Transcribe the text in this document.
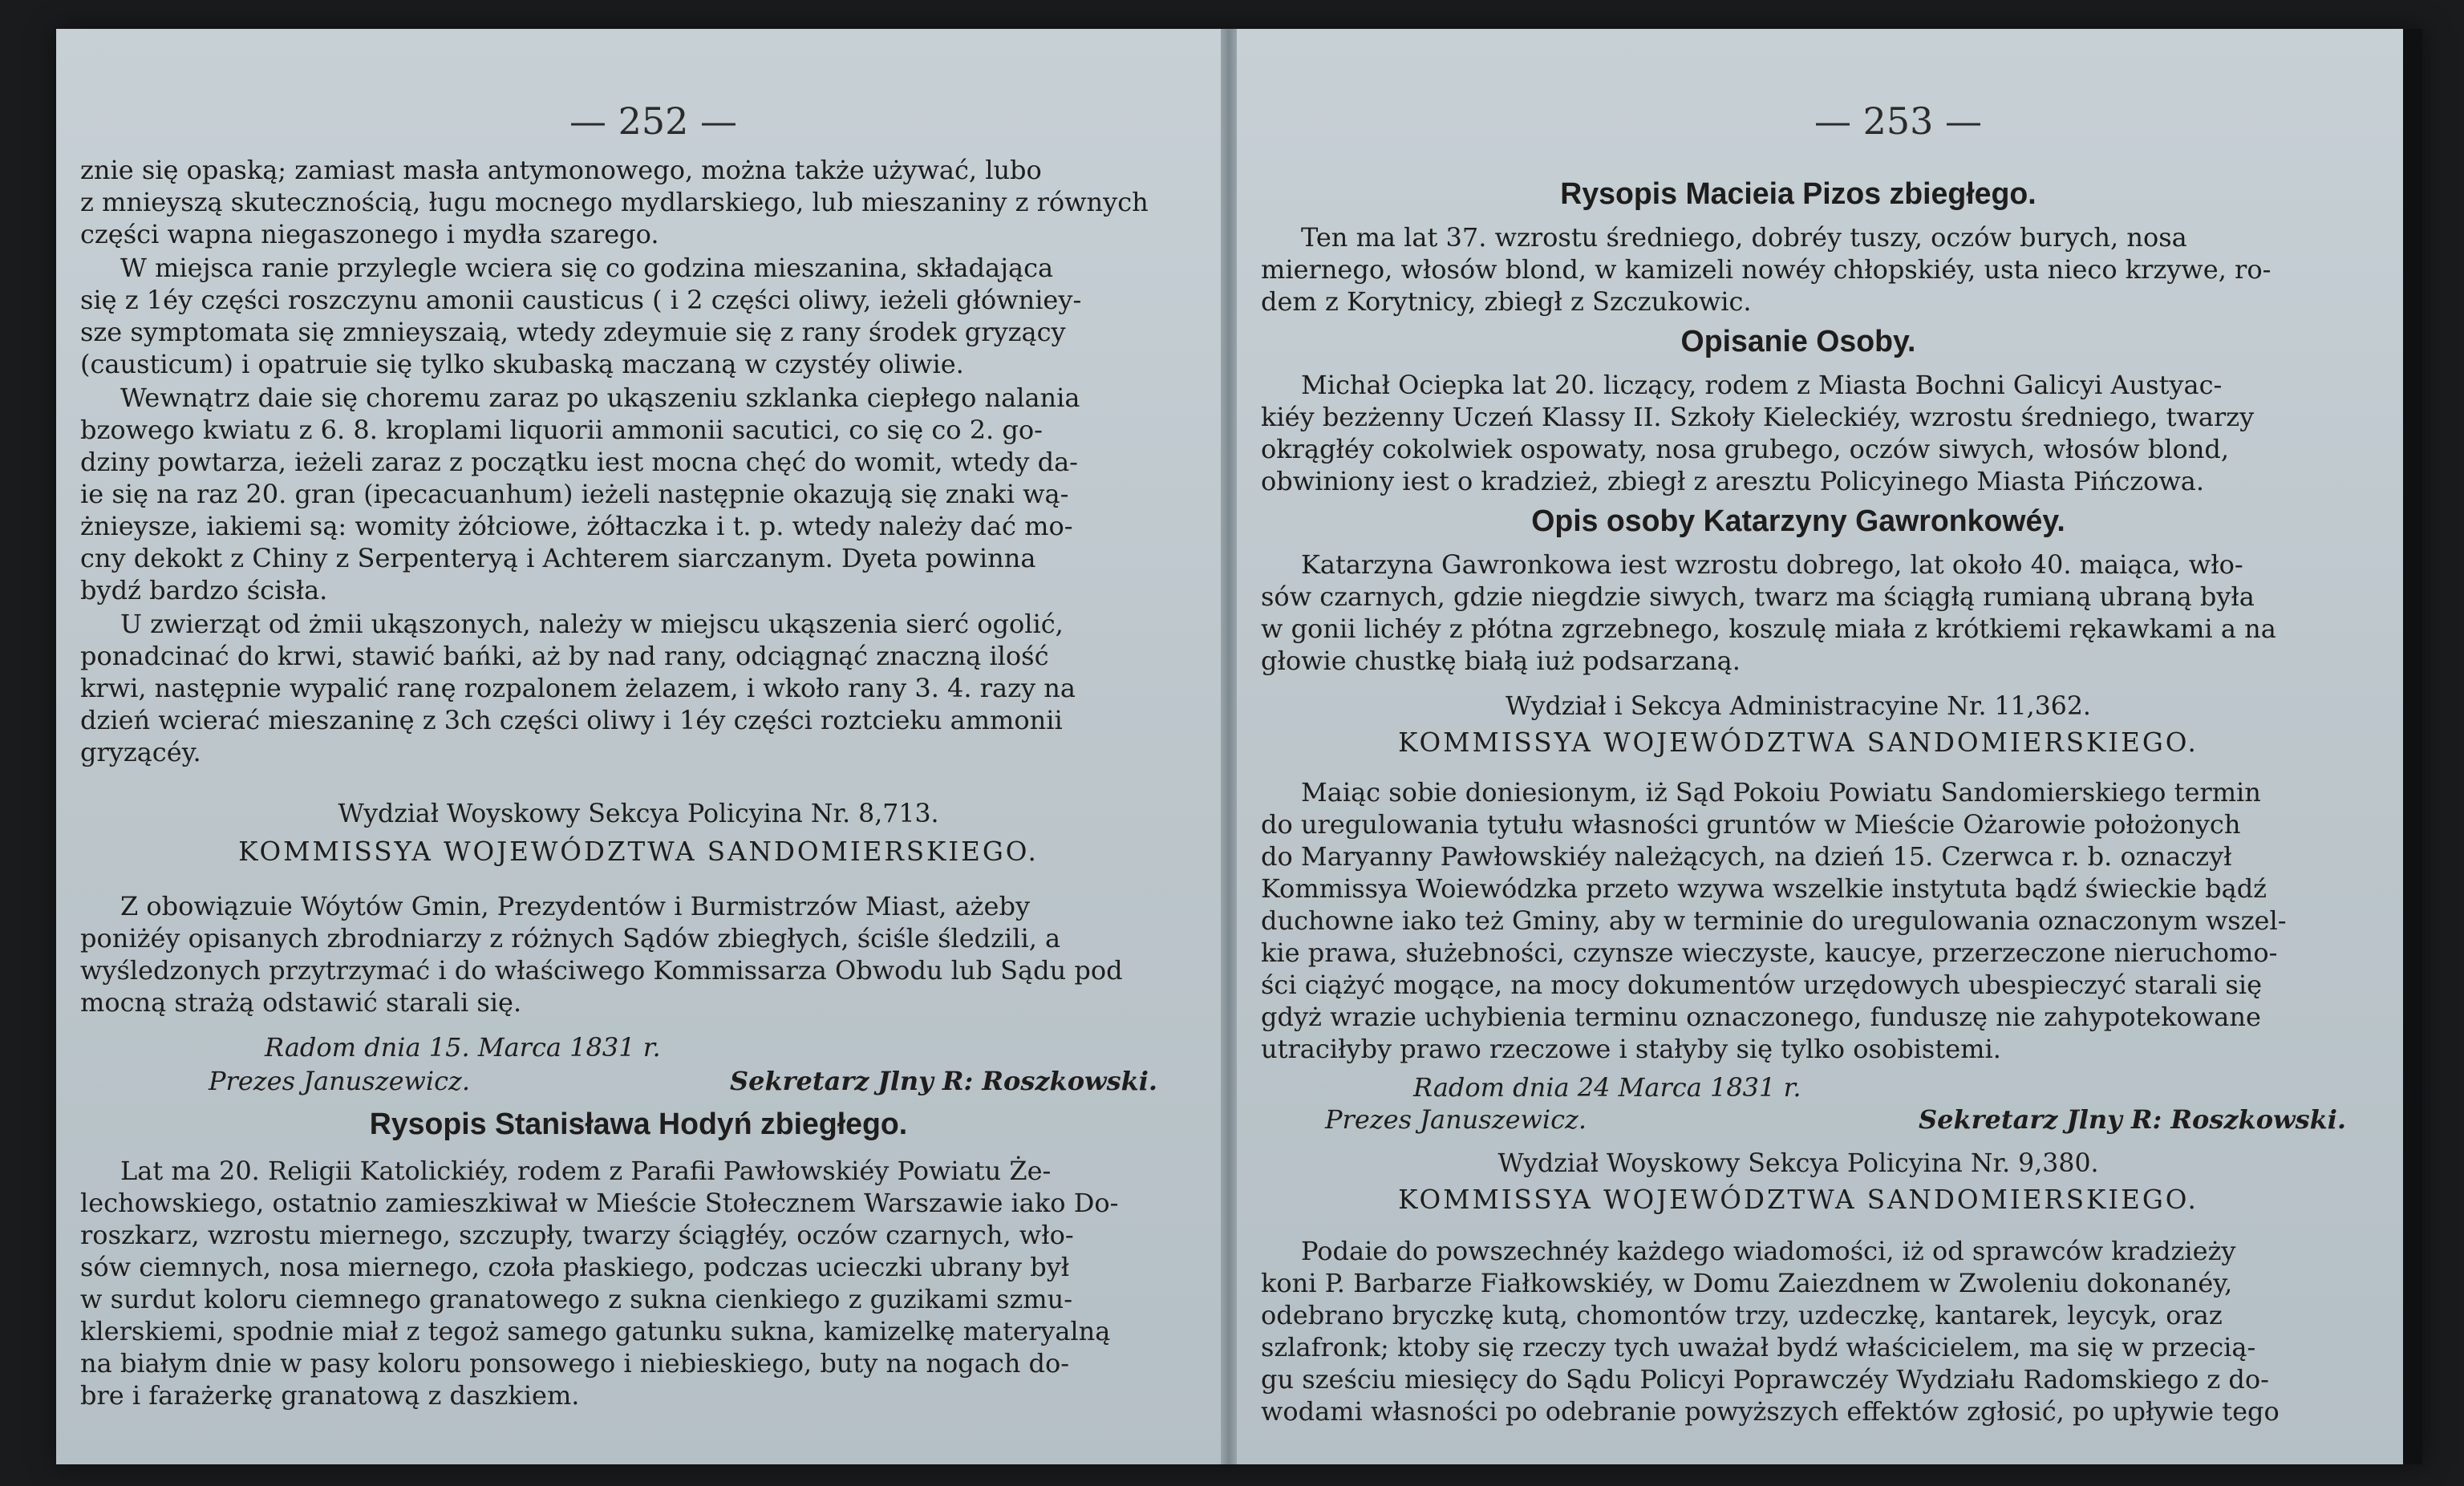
— 252 —
znie się opaską; zamiast masła antymonowego, można także używać, lubo
z mnieyszą skutecznością, ługu mocnego mydlarskiego, lub mieszaniny z równych
części wapna niegaszonego i mydła szarego.
W miejsca ranie przylegle wciera się co godzina mieszanina, składająca
się z 1éy części roszczynu amonii causticus ( i 2 części oliwy, ieżeli główniey-
sze symptomata się zmnieyszaią, wtedy zdeymuie się z rany środek gryzący
(causticum) i opatruie się tylko skubaską maczaną w czystéy oliwie.
Wewnątrz daie się choremu zaraz po ukąszeniu szklanka ciepłego nalania
bzowego kwiatu z 6. 8. kroplami liquorii ammonii sacutici, co się co 2. go-
dziny powtarza, ieżeli zaraz z początku iest mocna chęć do womit, wtedy da-
ie się na raz 20. gran (ipecacuanhum) ieżeli następnie okazują się znaki wą-
żnieysze, iakiemi są: womity żółciowe, żółtaczka i t. p. wtedy należy dać mo-
cny dekokt z Chiny z Serpenteryą i Achterem siarczanym. Dyeta powinna
bydź bardzo ścisła.
U zwierząt od żmii ukąszonych, należy w miejscu ukąszenia sierć ogolić,
ponadcinać do krwi, stawić bańki, aż by nad rany, odciągnąć znaczną ilość
krwi, następnie wypalić ranę rozpalonem żelazem, i wkoło rany 3. 4. razy na
dzień wcierać mieszaninę z 3ch części oliwy i 1éy części roztcieku ammonii
gryzącéy.
Wydział Woyskowy Sekcya Policyina Nr. 8,713.
KOMMISSYA WOJEWÓDZTWA SANDOMIERSKIEGO.
Z obowiązuie Wóytów Gmin, Prezydentów i Burmistrzów Miast, ażeby
poniżéy opisanych zbrodniarzy z różnych Sądów zbiegłych, ściśle śledzili, a
wyśledzonych przytrzymać i do właściwego Kommissarza Obwodu lub Sądu pod
mocną strażą odstawić starali się.
Radom dnia 15. Marca 1831 r.
Prezes Januszewicz.	Sekretarz Jlny R: Roszkowski.
Rysopis Stanisława Hodyń zbiegłego.
Lat ma 20. Religii Katolickiéy, rodem z Parafii Pawłowskiéy Powiatu Że-
lechowskiego, ostatnio zamieszkiwał w Mieście Stołecznem Warszawie iako Do-
roszkarz, wzrostu miernego, szczupły, twarzy ściągłéy, oczów czarnych, wło-
sów ciemnych, nosa miernego, czoła płaskiego, podczas ucieczki ubrany był
w surdut koloru ciemnego granatowego z sukna cienkiego z guzikami szmu-
klerskiemi, spodnie miał z tegoż samego gatunku sukna, kamizelkę materyalną
na białym dnie w pasy koloru ponsowego i niebieskiego, buty na nogach do-
bre i farażerkę granatową z daszkiem.
— 253 —
Rysopis Macieia Pizos zbiegłego.
Ten ma lat 37. wzrostu średniego, dobréy tuszy, oczów burych, nosa
miernego, włosów blond, w kamizeli nowéy chłopskiéy, usta nieco krzywe, ro-
dem z Korytnicy, zbiegł z Szczukowic.
Opisanie Osoby.
Michał Ociepka lat 20. liczący, rodem z Miasta Bochni Galicyi Austyac-
kiéy bezżenny Uczeń Klassy II. Szkoły Kieleckiéy, wzrostu średniego, twarzy
okrągłéy cokolwiek ospowaty, nosa grubego, oczów siwych, włosów blond,
obwiniony iest o kradzież, zbiegł z aresztu Policyinego Miasta Pińczowa.
Opis osoby Katarzyny Gawronkowéy.
Katarzyna Gawronkowa iest wzrostu dobrego, lat około 40. maiąca, wło-
sów czarnych, gdzie niegdzie siwych, twarz ma ściągłą rumianą ubraną była
w gonii lichéy z płótna zgrzebnego, koszulę miała z krótkiemi rękawkami a na
głowie chustkę białą iuż podsarzaną.
Wydział i Sekcya Administracyine Nr. 11,362.
KOMMISSYA WOJEWÓDZTWA SANDOMIERSKIEGO.
Maiąc sobie doniesionym, iż Sąd Pokoiu Powiatu Sandomierskiego termin
do uregulowania tytułu własności gruntów w Mieście Ożarowie położonych
do Maryanny Pawłowskiéy należących, na dzień 15. Czerwca r. b. oznaczył
Kommissya Woiewódzka przeto wzywa wszelkie instytuta bądź świeckie bądź
duchowne iako też Gminy, aby w terminie do uregulowania oznaczonym wszel-
kie prawa, służebności, czynsze wieczyste, kaucye, przerzeczone nieruchomo-
ści ciążyć mogące, na mocy dokumentów urzędowych ubespieczyć starali się
gdyż wrazie uchybienia terminu oznaczonego, funduszę nie zahypotekowane
utraciłyby prawo rzeczowe i stałyby się tylko osobistemi.
Radom dnia 24 Marca 1831 r.
Prezes Januszewicz.	Sekretarz Jlny R: Roszkowski.
Wydział Woyskowy Sekcya Policyina Nr. 9,380.
KOMMISSYA WOJEWÓDZTWA SANDOMIERSKIEGO.
Podaie do powszechnéy każdego wiadomości, iż od sprawców kradzieży
koni P. Barbarze Fiałkowskiéy, w Domu Zaiezdnem w Zwoleniu dokonanéy,
odebrano bryczkę kutą, chomontów trzy, uzdeczkę, kantarek, leycyk, oraz
szlafronk; ktoby się rzeczy tych uważał bydź właścicielem, ma się w przecią-
gu sześciu miesięcy do Sądu Policyi Poprawczéy Wydziału Radomskiego z do-
wodami własności po odebranie powyższych effektów zgłosić, po upływie tego
